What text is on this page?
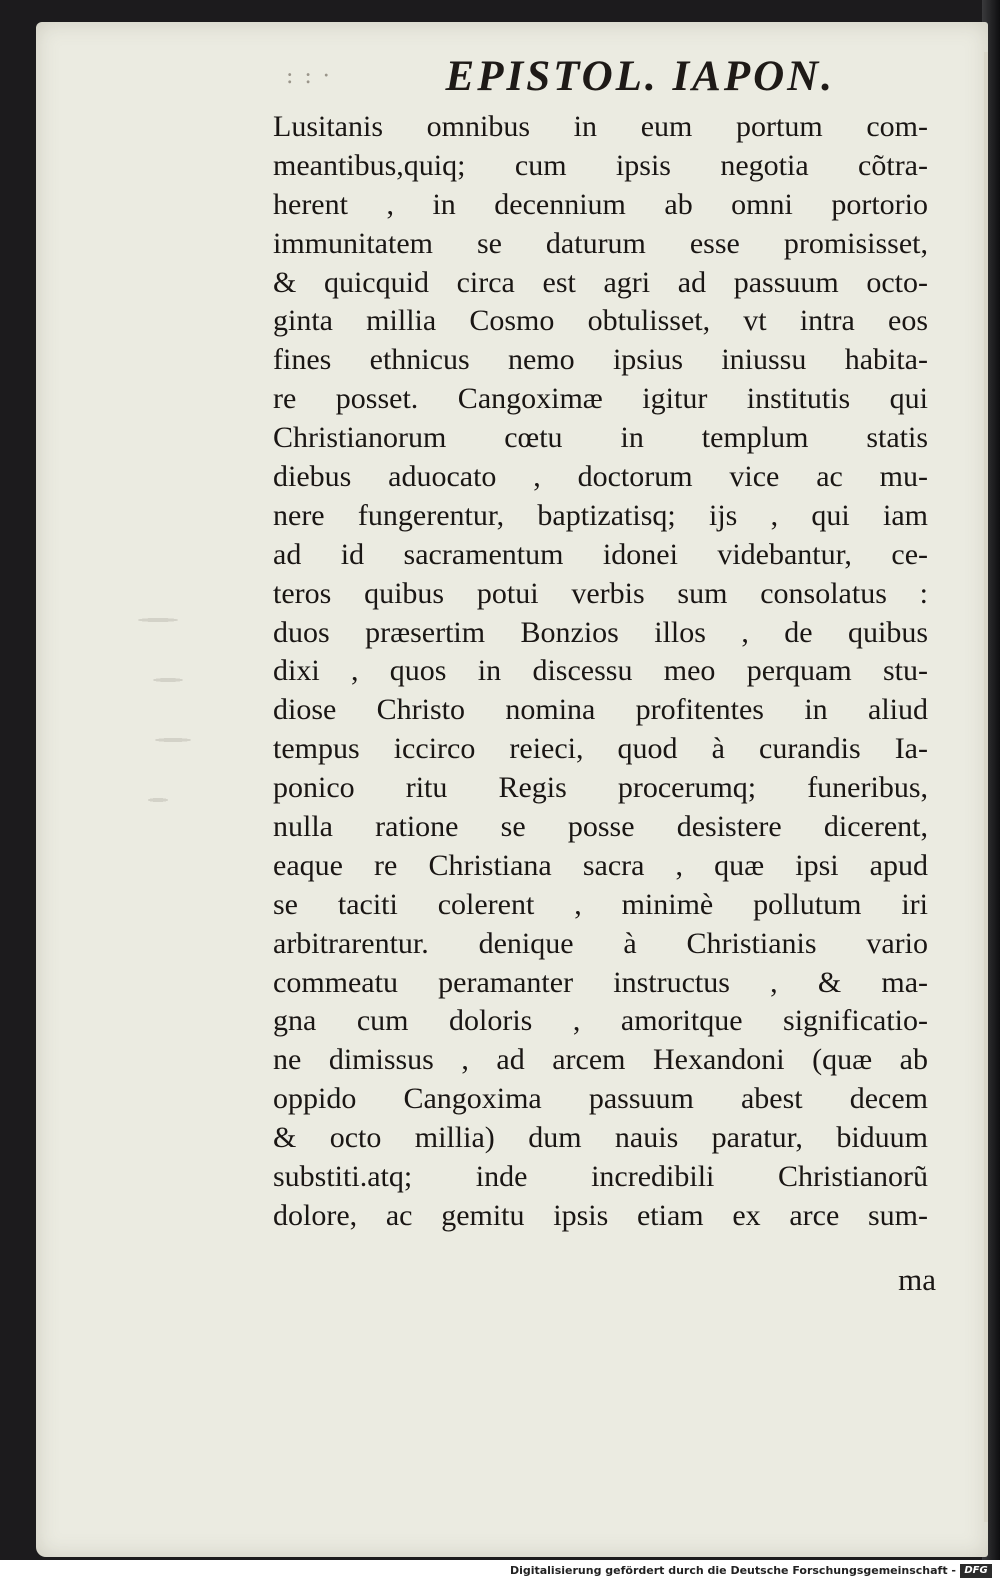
: : ·	EPISTOL. IAPON.
Lusitanis omnibus in eum portum com-
meantibus,quiq; cum ipsis negotia cõtra-
herent , in decennium ab omni portorio
immunitatem se daturum esse promisisset,
& quicquid circa est agri ad passuum octo-
ginta millia Cosmo obtulisset, vt intra eos
fines ethnicus nemo ipsius iniussu habita-
re posset. Cangoximæ igitur institutis qui
Christianorum cœtu in templum statis
diebus aduocato , doctorum vice ac mu-
nere fungerentur, baptizatisq; ijs , qui iam
ad id sacramentum idonei videbantur, ce-
teros quibus potui verbis sum consolatus :
duos præsertim Bonzios illos , de quibus
dixi , quos in discessu meo perquam stu-
diose Christo nomina profitentes in aliud
tempus iccirco reieci, quod à curandis Ia-
ponico ritu Regis procerumq; funeribus,
nulla ratione se posse desistere dicerent,
eaque re Christiana sacra , quæ ipsi apud
se taciti colerent , minimè pollutum iri
arbitrarentur. denique à Christianis vario
commeatu peramanter instructus , & ma-
gna cum doloris , amoritque significatio-
ne dimissus , ad arcem Hexandoni (quæ ab
oppido Cangoxima passuum abest decem
& octo millia) dum nauis paratur, biduum
substiti.atq; inde incredibili Christianorũ
dolore, ac gemitu ipsis etiam ex arce sum-
ma
Digitalisierung gefördert durch die Deutsche Forschungsgemeinschaft - DFG
